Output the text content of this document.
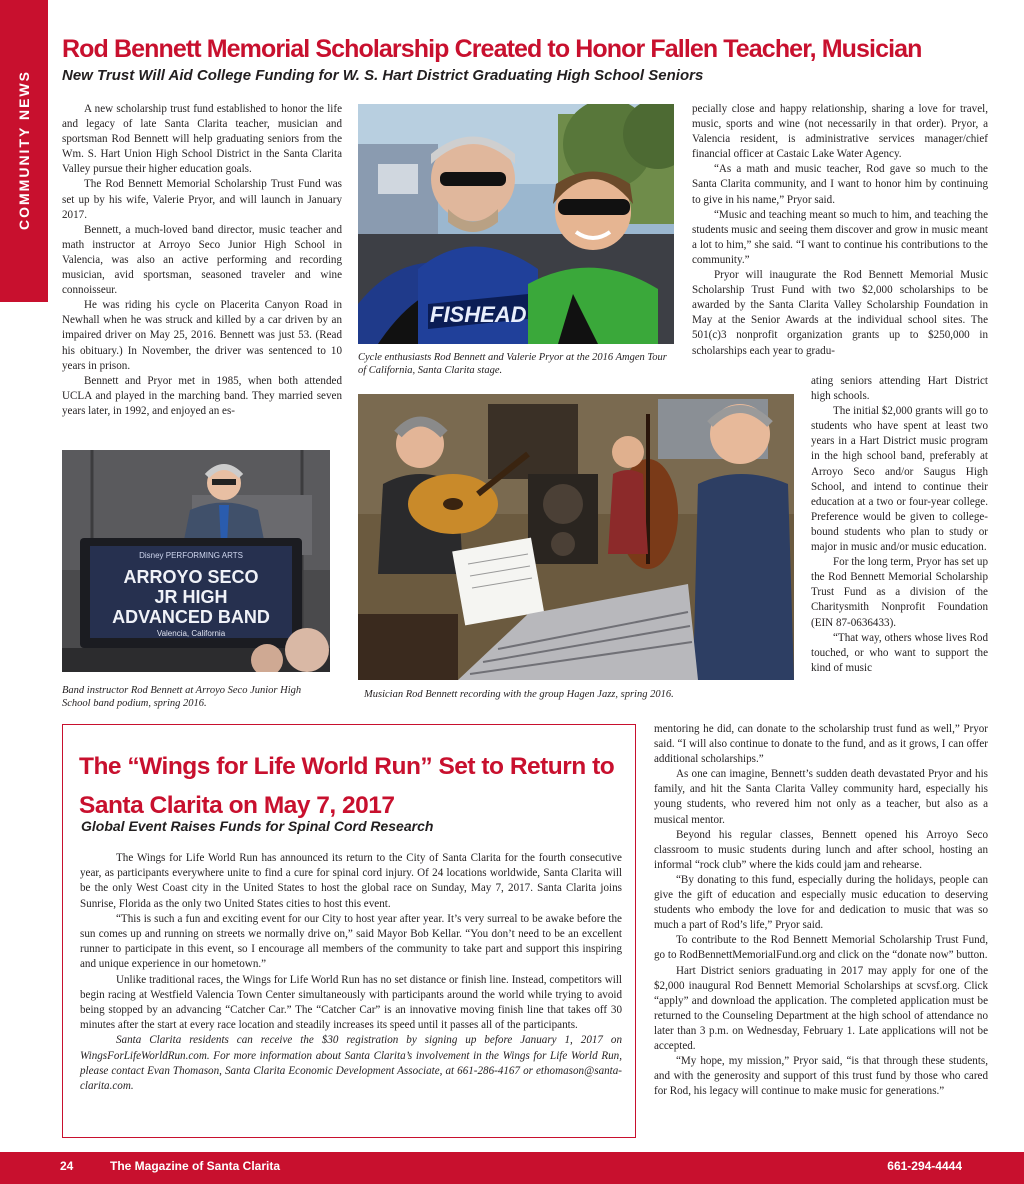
COMMUNITY NEWS
Rod Bennett Memorial Scholarship Created to Honor Fallen Teacher, Musician
New Trust Will Aid College Funding for W. S. Hart District Graduating High School Seniors

A new scholarship trust fund established to honor the life and legacy of late Santa Clarita teacher, musician and sportsman Rod Bennett will help graduating seniors from the Wm. S. Hart Union High School District in the Santa Clarita Valley pursue their higher education goals.

The Rod Bennett Memorial Scholarship Trust Fund was set up by his wife, Valerie Pryor, and will launch in January 2017.

Bennett, a much-loved band director, music teacher and math instructor at Arroyo Seco Junior High School in Valencia, was also an active performing and recording musician, avid sportsman, seasoned traveler and wine connoisseur.

He was riding his cycle on Placerita Canyon Road in Newhall when he was struck and killed by a car driven by an impaired driver on May 25, 2016. Bennett was just 53. (Read his obituary.) In November, the driver was sentenced to 10 years in prison.

Bennett and Pryor met in 1985, when both attended UCLA and played in the marching band. They married seven years later, in 1992, and enjoyed an es-

FISHEAD
Cycle enthusiasts Rod Bennett and Valerie Pryor at the 2016 Amgen Tour of California, Santa Clarita stage.
Disney PERFORMING ARTS
ARROYO SECO
JR HIGH
ADVANCED BAND
Valencia, California
Band instructor Rod Bennett at Arroyo Seco Junior High School band podium, spring 2016.
Musician Rod Bennett recording with the group Hagen Jazz, spring 2016.

pecially close and happy relationship, sharing a love for travel, music, sports and wine (not necessarily in that order). Pryor, a Valencia resident, is administrative services manager/chief financial officer at Castaic Lake Water Agency.

“As a math and music teacher, Rod gave so much to the Santa Clarita community, and I want to honor him by continuing to give in his name,” Pryor said.

“Music and teaching meant so much to him, and teaching the students music and seeing them discover and grow in music meant a lot to him,” she said. “I want to continue his contributions to the community.”

Pryor will inaugurate the Rod Bennett Memorial Music Scholarship Trust Fund with two $2,000 scholarships to be awarded by the Santa Clarita Valley Scholarship Foundation in May at the Senior Awards at the individual school sites. The 501(c)3 nonprofit organization grants up to $250,000 in scholarships each year to gradu-

ating seniors attending Hart District high schools.

The initial $2,000 grants will go to students who have spent at least two years in a Hart District music program in the high school band, preferably at Arroyo Seco and/or Saugus High School, and intend to continue their education at a two or four-year college. Preference would be given to college-bound students who plan to study or major in music and/or music education.

For the long term, Pryor has set up the Rod Bennett Memorial Scholarship Trust Fund as a division of the Charitysmith Nonprofit Foundation (EIN 87-0636433).

“That way, others whose lives Rod touched, or who want to support the kind of music

mentoring he did, can donate to the scholarship trust fund as well,” Pryor said. “I will also continue to donate to the fund, and as it grows, I can offer additional scholarships.”

As one can imagine, Bennett’s sudden death devastated Pryor and his family, and hit the Santa Clarita Valley community hard, especially his young students, who revered him not only as a teacher, but also as a musical mentor.

Beyond his regular classes, Bennett opened his Arroyo Seco classroom to music students during lunch and after school, hosting an informal “rock club” where the kids could jam and rehearse.

“By donating to this fund, especially during the holidays, people can give the gift of education and especially music education to deserving students who embody the love for and dedication to music that was so much a part of Rod’s life,” Pryor said.

To contribute to the Rod Bennett Memorial Scholarship Trust Fund, go to RodBennettMemorialFund.org and click on the “donate now” button.

Hart District seniors graduating in 2017 may apply for one of the $2,000 inaugural Rod Bennett Memorial Scholarships at scvsf.org. Click “apply” and download the application. The completed application must be returned to the Counseling Department at the high school of attendance no later than 3 p.m. on Wednesday, February 1. Late applications will not be accepted.

“My hope, my mission,” Pryor said, “is that through these students, and with the generosity and support of this trust fund by those who cared for Rod, his legacy will continue to make music for generations.”

The “Wings for Life World Run” Set to Return to Santa Clarita on May 7, 2017
Global Event Raises Funds for Spinal Cord Research

The Wings for Life World Run has announced its return to the City of Santa Clarita for the fourth consecutive year, as participants everywhere unite to find a cure for spinal cord injury. Of 24 locations worldwide, Santa Clarita will be the only West Coast city in the United States to host the global race on Sunday, May 7, 2017. Santa Clarita joins Sunrise, Florida as the only two United States cities to host this event.

“This is such a fun and exciting event for our City to host year after year. It’s very surreal to be awake before the sun comes up and running on streets we normally drive on,” said Mayor Bob Kellar. “You don’t need to be an excellent runner to participate in this event, so I encourage all members of the community to take part and support this inspiring and unique experience in our hometown.”

Unlike traditional races, the Wings for Life World Run has no set distance or finish line. Instead, competitors will begin racing at Westfield Valencia Town Center simultaneously with participants around the world while trying to avoid being stopped by an advancing “Catcher Car.” The “Catcher Car” is an innovative moving finish line that takes off 30 minutes after the start at every race location and steadily increases its speed until it passes all of the participants.

Santa Clarita residents can receive the $30 registration by signing up before January 1, 2017 on WingsForLifeWorldRun.com. For more information about Santa Clarita’s involvement in the Wings for Life World Run, please contact Evan Thomason, Santa Clarita Economic Development Associate, at 661-286-4167 or ethomason@santa-clarita.com.

24	The Magazine of Santa Clarita	661-294-4444
